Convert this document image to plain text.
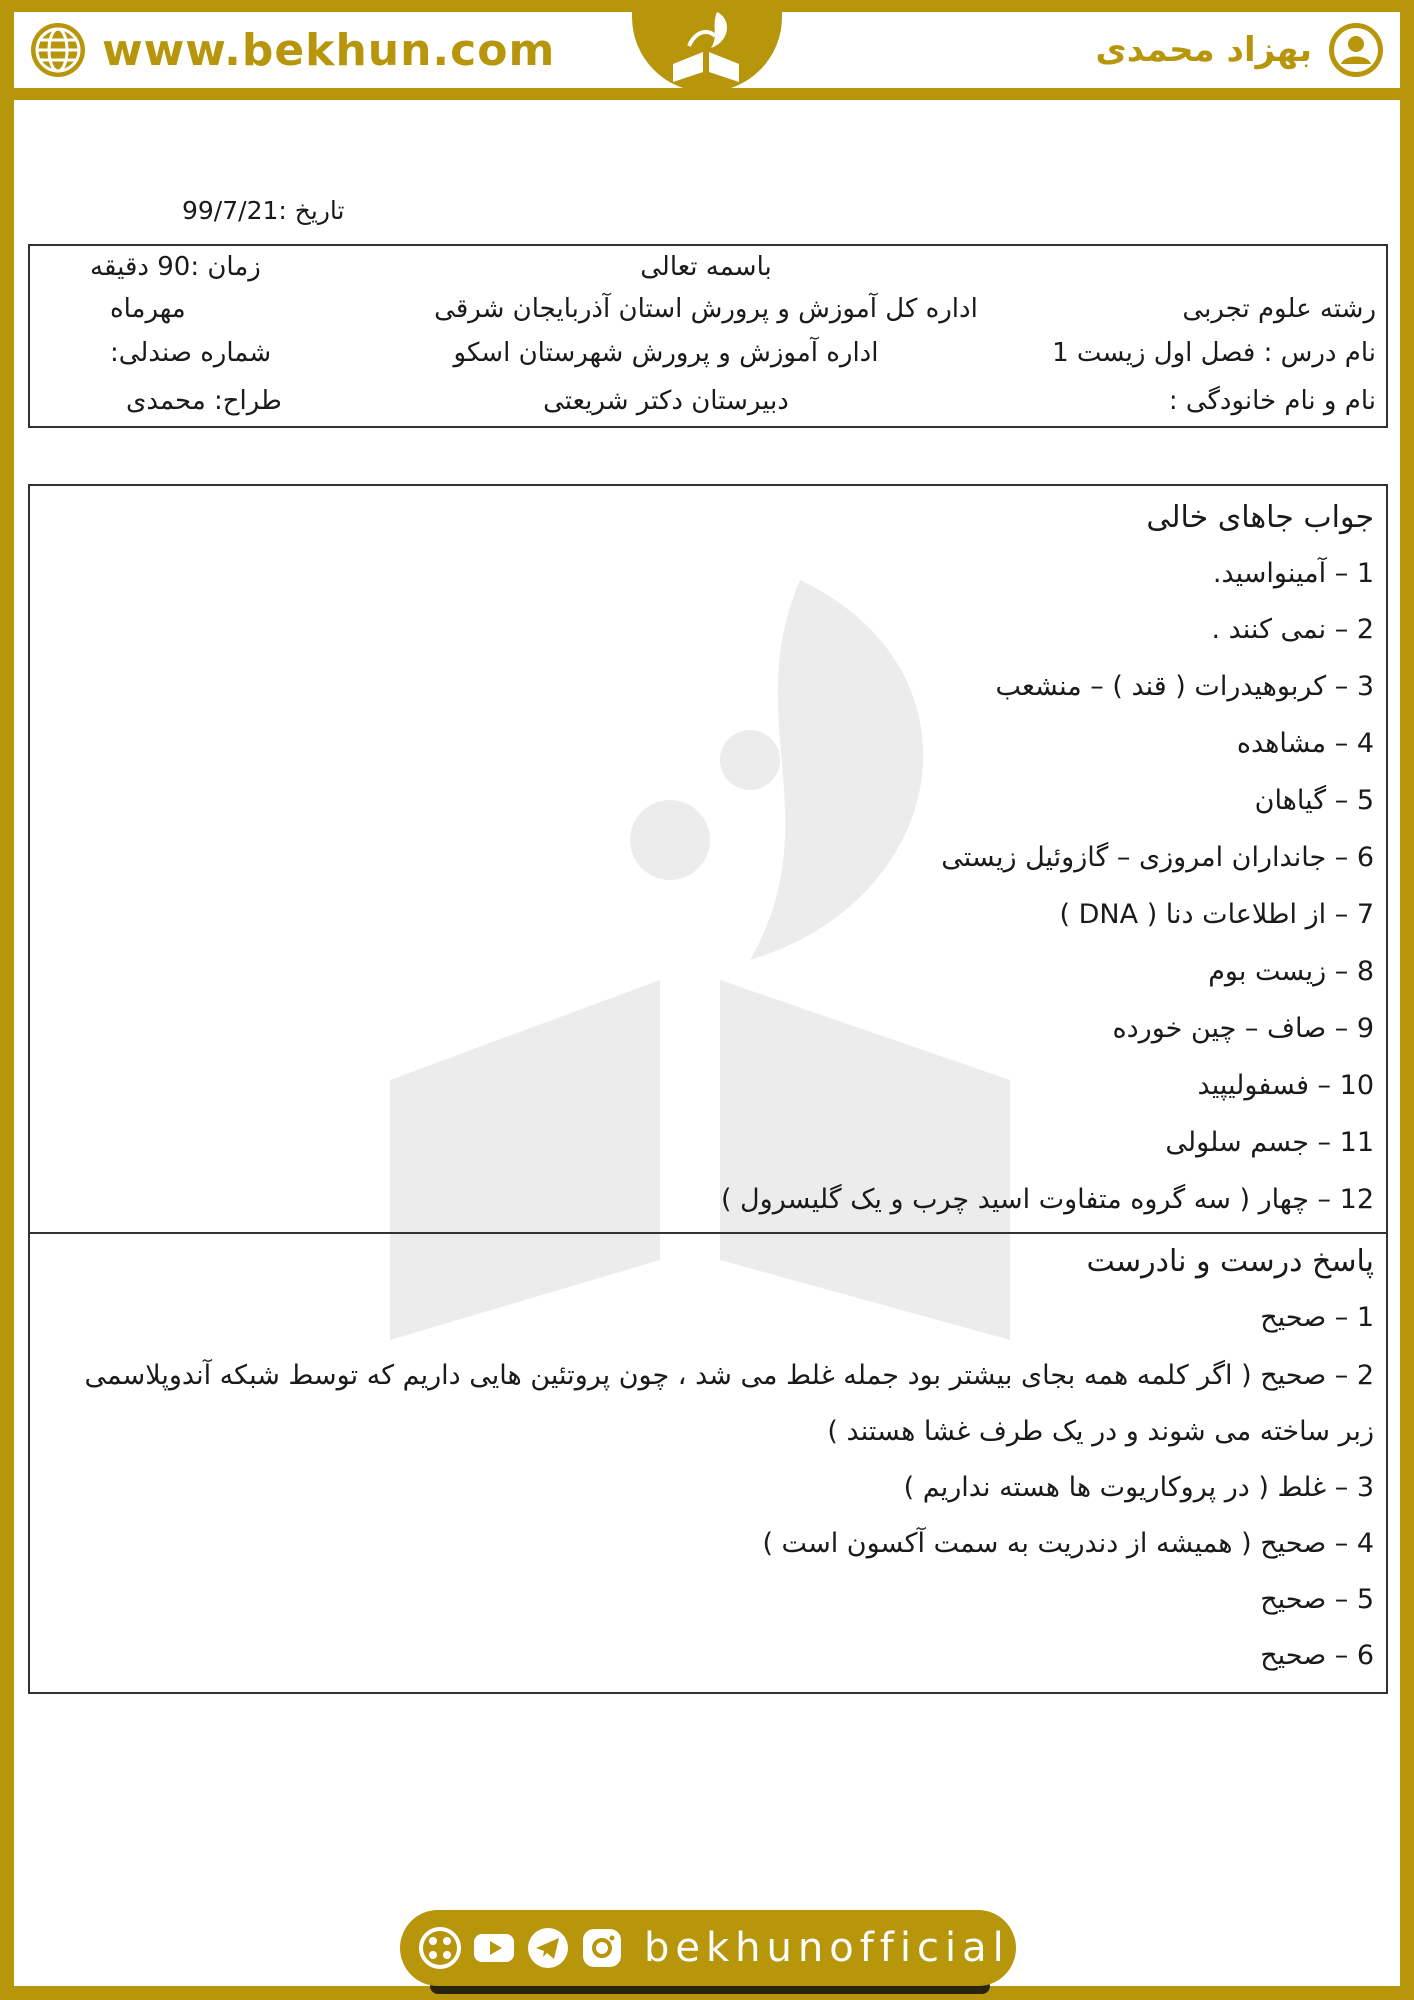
www.bekhun.com	بهزاد محمدی
تاریخ :99/7/21
باسمه تعالی
زمان :90 دقیقه
رشته علوم تجربی
اداره کل آموزش و پرورش استان آذربایجان شرقی
مهرماه
نام درس : فصل اول زیست 1
اداره آموزش و پرورش شهرستان اسکو
شماره صندلی:
نام و نام خانودگی :
دبیرستان دکتر شریعتی
طراح: محمدی
جواب جاهای خالی
1 – آمینواسید.
2 – نمی کنند .
3 – کربوهیدرات ( قند ) – منشعب
4 – مشاهده
5 – گیاهان
6 – جانداران امروزی – گازوئیل زیستی
7 – از اطلاعات دنا ( DNA )
8 – زیست بوم
9 – صاف – چین خورده
10 – فسفولیپید
11 – جسم سلولی
12 – چهار ( سه گروه متفاوت اسید چرب و یک گلیسرول )
پاسخ درست و نادرست
1 – صحیح
2 – صحیح ( اگر کلمه همه بجای بیشتر بود جمله غلط می شد ، چون پروتئین هایی داریم که توسط شبکه آندوپلاسمی
زبر ساخته می شوند و در یک طرف غشا هستند )
3 – غلط ( در پروکاریوت ها هسته نداریم )
4 – صحیح ( همیشه از دندریت به سمت آکسون است )
5 – صحیح
6 – صحیح
bekhunofficial
